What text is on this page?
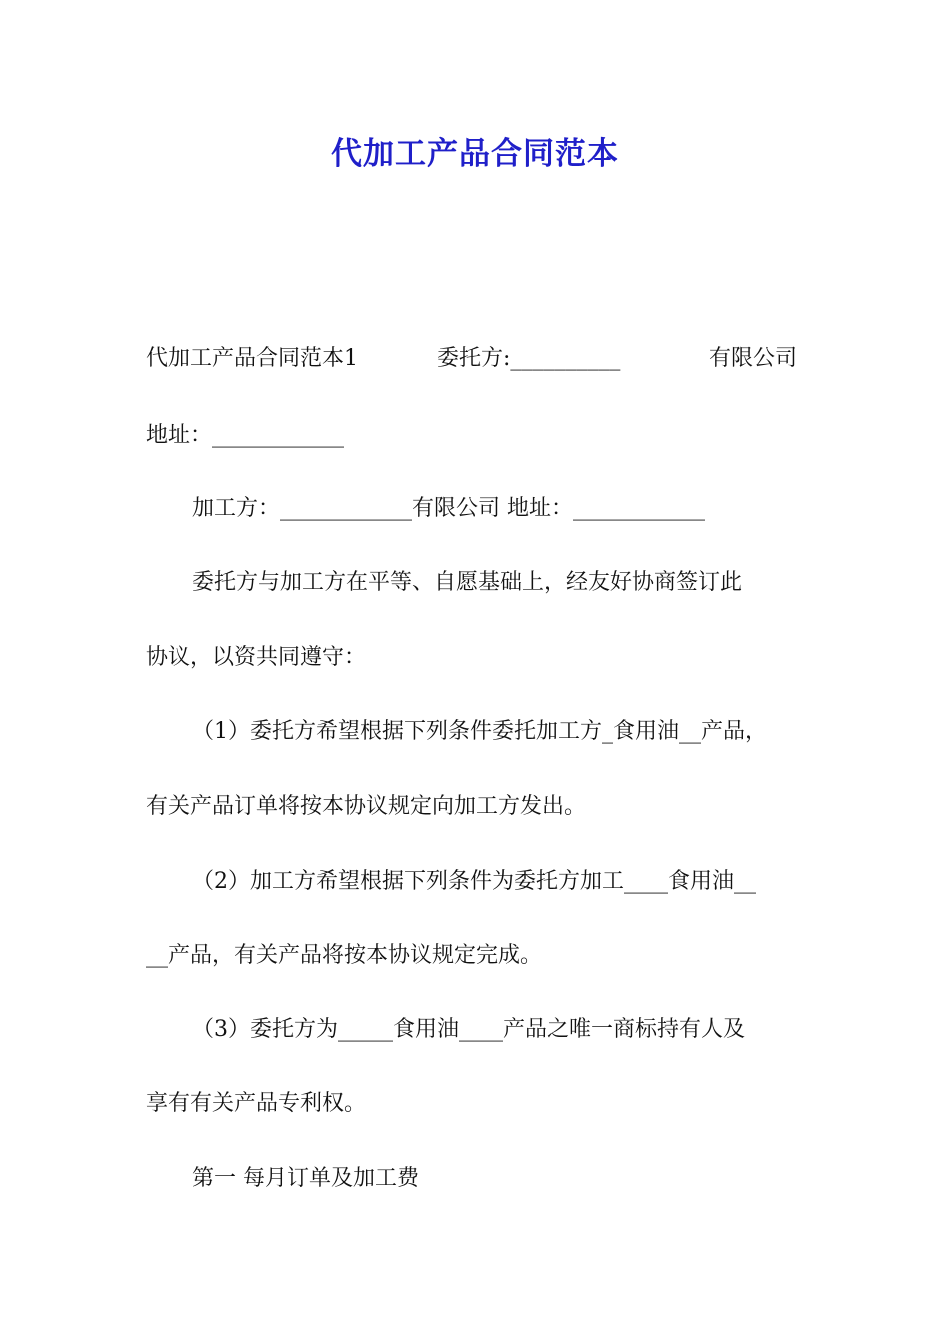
代加工产品合同范本
代加工产品合同范本1	委托方:__________	有限公司
地址：____________
加工方：____________有限公司 地址：____________
委托方与加工方在平等、自愿基础上，经友好协商签订此
协议，以资共同遵守：
（1）委托方希望根据下列条件委托加工方_食用油__产品，
有关产品订单将按本协议规定向加工方发出。
（2）加工方希望根据下列条件为委托方加工____食用油__
__产品，有关产品将按本协议规定完成。
（3）委托方为_____食用油____产品之唯一商标持有人及
享有有关产品专利权。
第一 每月订单及加工费
